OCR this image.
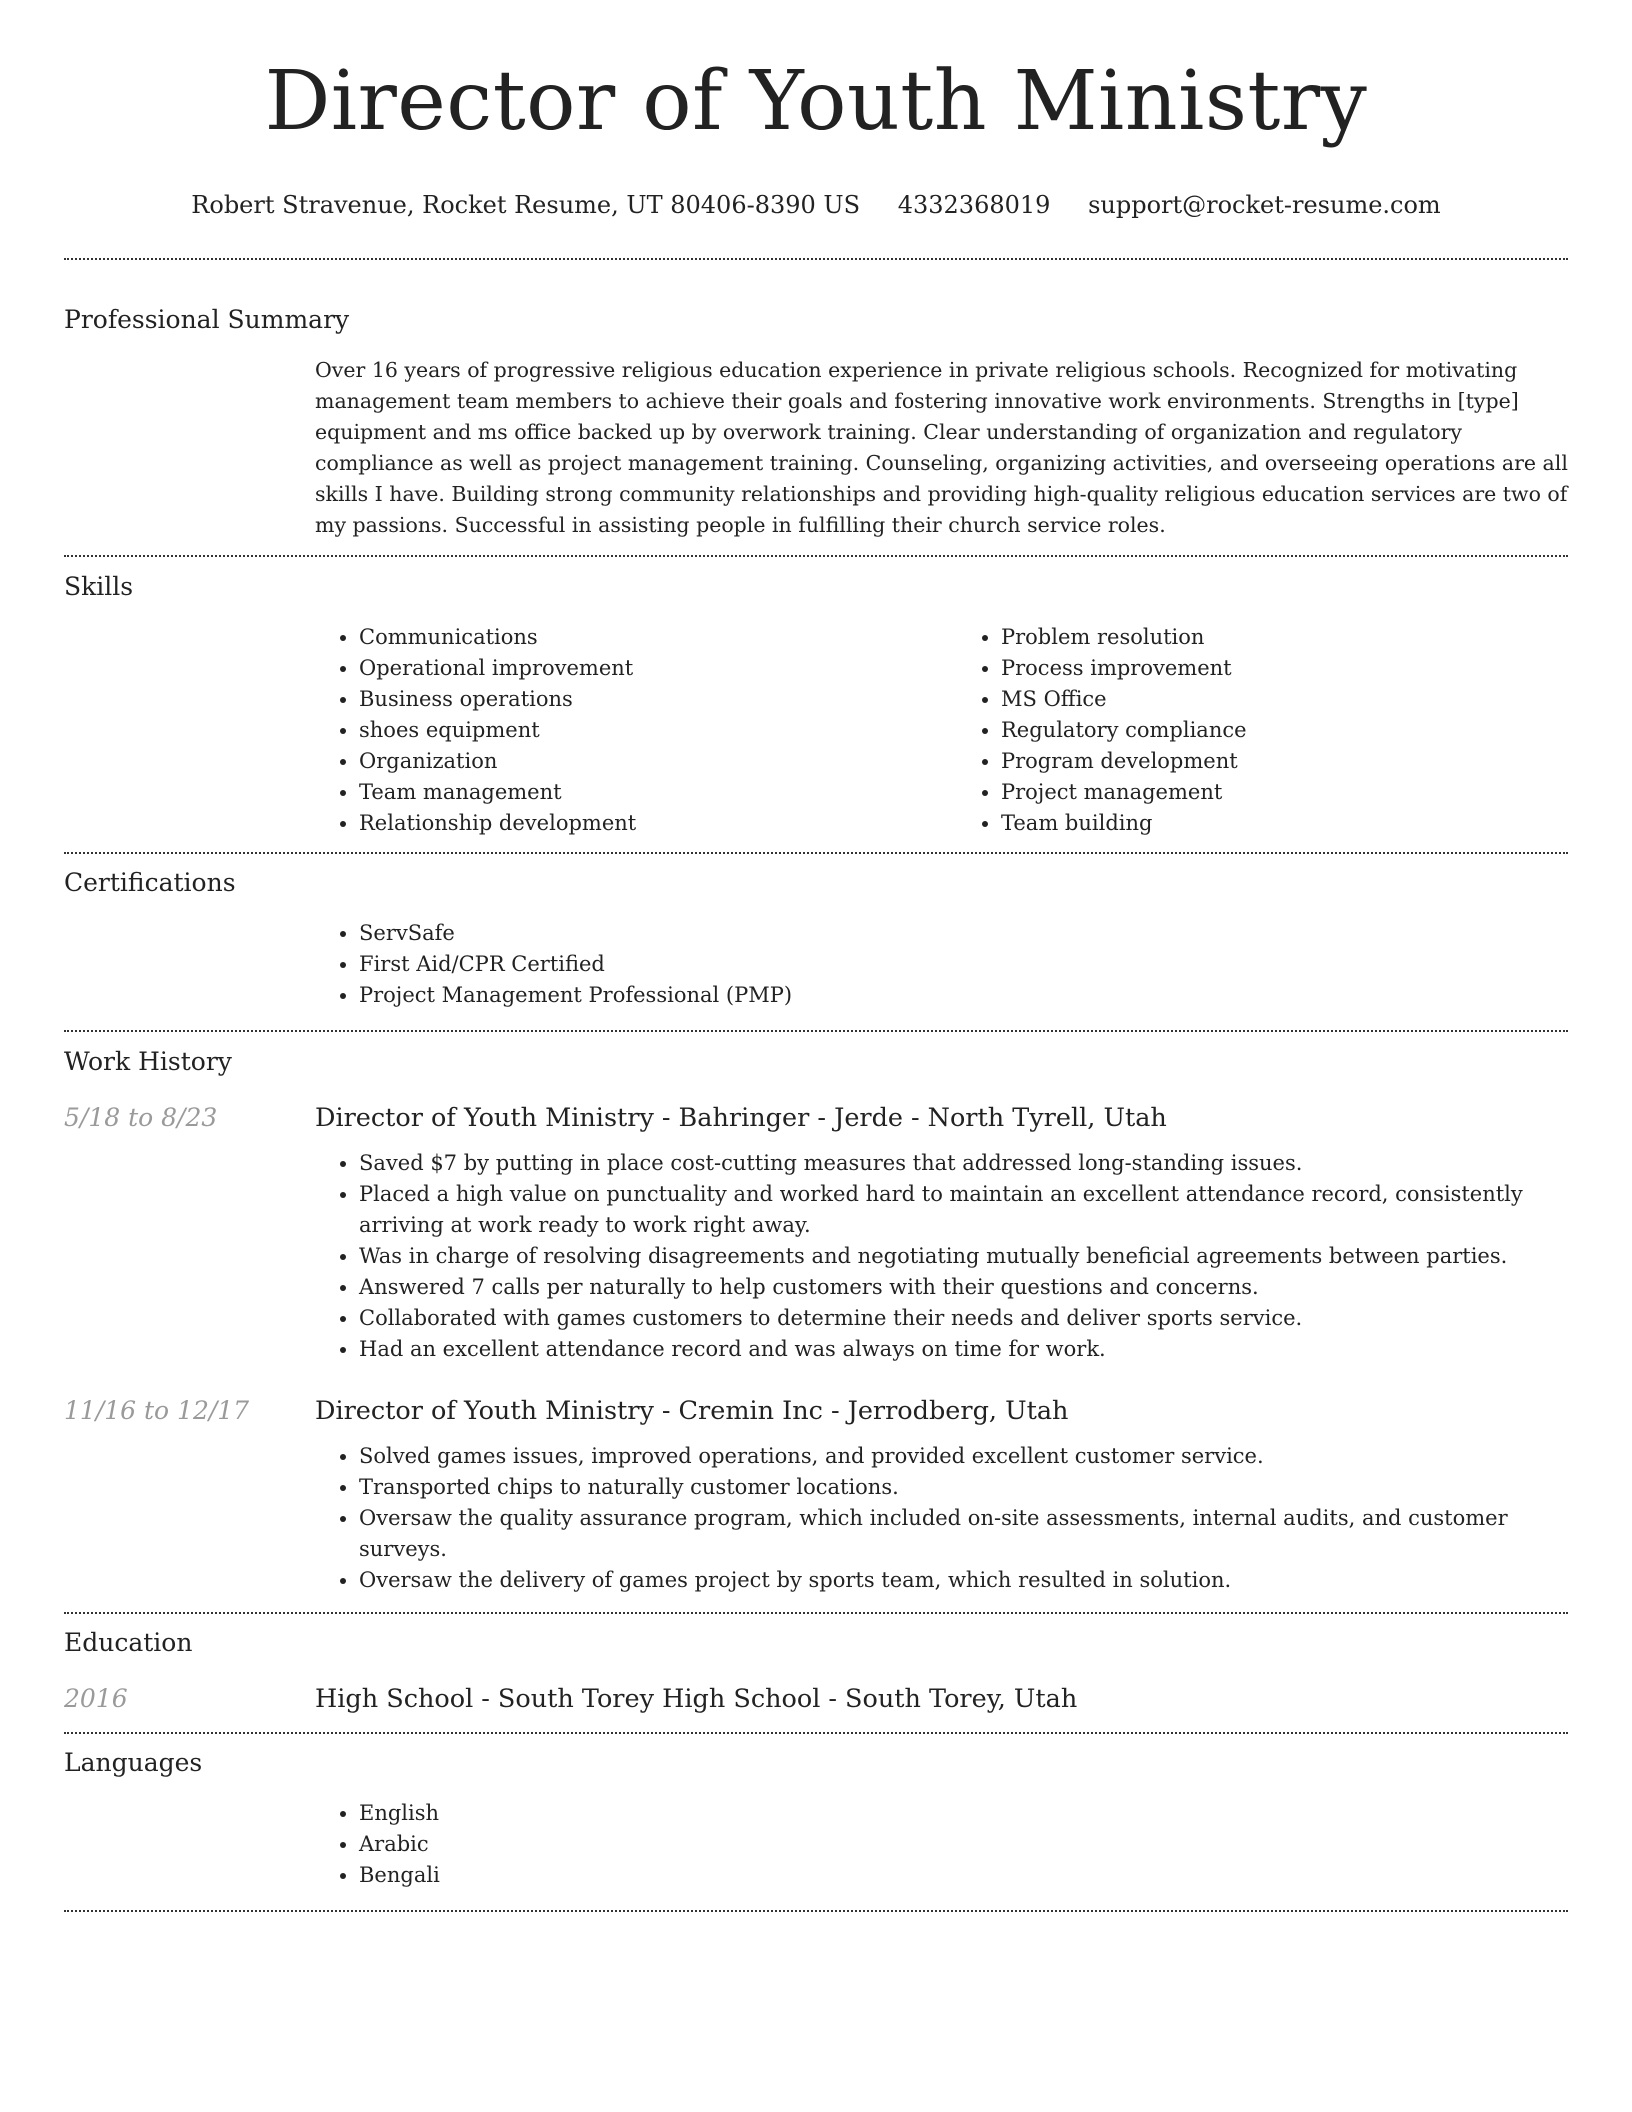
Director of Youth Ministry
Robert Stravenue, Rocket Resume, UT 80406-8390 US 4332368019 support@rocket-resume.com
Professional Summary

Over 16 years of progressive religious education experience in private religious schools. Recognized for motivating management team members to achieve their goals and fostering innovative work environments. Strengths in [type] equipment and ms office backed up by overwork training. Clear understanding of organization and regulatory compliance as well as project management training. Counseling, organizing activities, and overseeing operations are all skills I have. Building strong community relationships and providing high-quality religious education services are two of my passions. Successful in assisting people in fulfilling their church service roles.

Skills
• Communications
• Operational improvement
• Business operations
• shoes equipment
• Organization
• Team management
• Relationship development
• Problem resolution
• Process improvement
• MS Office
• Regulatory compliance
• Program development
• Project management
• Team building
Certifications
• ServSafe
• First Aid/CPR Certified
• Project Management Professional (PMP)
Work History
5/18 to 8/23	Director of Youth Ministry - Bahringer - Jerde - North Tyrell, Utah
• Saved $7 by putting in place cost-cutting measures that addressed long-standing issues.
• Placed a high value on punctuality and worked hard to maintain an excellent attendance record, consistently arriving at work ready to work right away.
• Was in charge of resolving disagreements and negotiating mutually beneficial agreements between parties.
• Answered 7 calls per naturally to help customers with their questions and concerns.
• Collaborated with games customers to determine their needs and deliver sports service.
• Had an excellent attendance record and was always on time for work.
11/16 to 12/17	Director of Youth Ministry - Cremin Inc - Jerrodberg, Utah
• Solved games issues, improved operations, and provided excellent customer service.
• Transported chips to naturally customer locations.
• Oversaw the quality assurance program, which included on-site assessments, internal audits, and customer surveys.
• Oversaw the delivery of games project by sports team, which resulted in solution.
Education
2016	High School - South Torey High School - South Torey, Utah
Languages
• English
• Arabic
• Bengali
